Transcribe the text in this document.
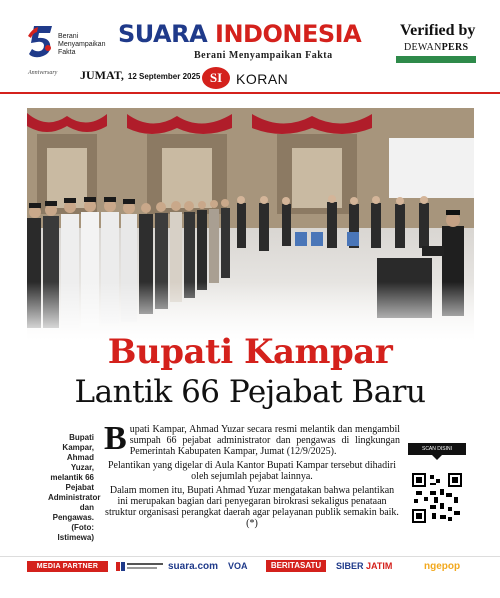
Berani
Menyampaikan
Fakta
Anniversary
SUARA INDONESIA
Berani Menyampaikan Fakta
Verified by
DEWANPERS
JUMAT, 12 September 2025 SI KORAN
Bupati Kampar
Lantik 66 Pejabat Baru
Bupati Kampar, Ahmad Yuzar, melantik 66 Pejabat Administrator dan Pengawas. (Foto: Istimewa)

Bupati Kampar, Ahmad Yuzar secara resmi melantik dan mengambil sumpah 66 pejabat administrator dan pengawas di lingkungan Pemerintah Kabupaten Kampar, Jumat (12/9/2025).

Pelantikan yang digelar di Aula Kantor Bupati Kampar tersebut dihadiri oleh sejumlah pejabat lainnya.

Dalam momen itu, Bupati Ahmad Yuzar mengatakan bahwa pelantikan ini merupakan bagian dari penyegaran birokrasi sekaligus penataan struktur organisasi perangkat daerah agar pelayanan publik semakin baik. (*)

SCAN DISINI
MEDIA PARTNER	suara.com VOA	BERITASATU	SIBER JATIM	ngepop
